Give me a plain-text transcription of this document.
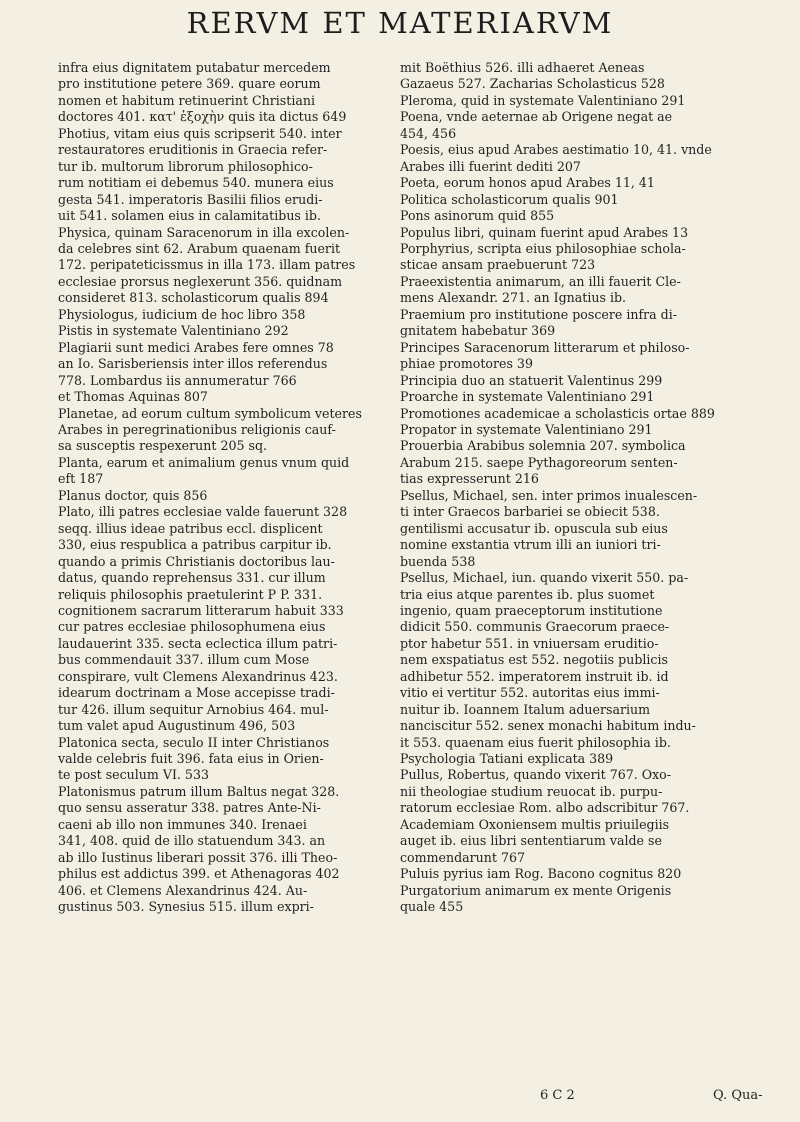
RERVM ET MATERIARVM
infra eius dignitatem putabatur mercedem
pro institutione petere 369. quare eorum
nomen et habitum retinuerint Christiani
doctores 401. κατ' ἐξοχὴν quis ita dictus 649
Photius, vitam eius quis scripserit 540. inter
restauratores eruditionis in Graecia refer-
tur ib. multorum librorum philosophico-
rum notitiam ei debemus 540. munera eius
gesta 541. imperatoris Basilii filios erudi-
uit 541. solamen eius in calamitatibus ib.
Physica, quinam Saracenorum in illa excolen-
da celebres sint 62. Arabum quaenam fuerit
172. peripateticissmus in illa 173. illam patres
ecclesiae prorsus neglexerunt 356. quidnam
consideret 813. scholasticorum qualis 894
Physiologus, iudicium de hoc libro 358
Pistis in systemate Valentiniano 292
Plagiarii sunt medici Arabes fere omnes 78
an Io. Sarisberiensis inter illos referendus
778. Lombardus iis annumeratur 766
et Thomas Aquinas 807
Planetae, ad eorum cultum symbolicum veteres
Arabes in peregrinationibus religionis cauf-
sa susceptis respexerunt 205 sq.
Planta, earum et animalium genus vnum quid
eft 187
Planus doctor, quis 856
Plato, illi patres ecclesiae valde fauerunt 328
seqq. illius ideae patribus eccl. displicent
330, eius respublica a patribus carpitur ib.
quando a primis Christianis doctoribus lau-
datus, quando reprehensus 331. cur illum
reliquis philosophis praetulerint P P. 331.
cognitionem sacrarum litterarum habuit 333
cur patres ecclesiae philosophumena eius
laudauerint 335. secta eclectica illum patri-
bus commendauit 337. illum cum Mose
conspirare, vult Clemens Alexandrinus 423.
idearum doctrinam a Mose accepisse tradi-
tur 426. illum sequitur Arnobius 464. mul-
tum valet apud Augustinum 496, 503
Platonica secta, seculo II inter Christianos
valde celebris fuit 396. fata eius in Orien-
te post seculum VI. 533
Platonismus patrum illum Baltus negat 328.
quo sensu asseratur 338. patres Ante-Ni-
caeni ab illo non immunes 340. Irenaei
341, 408. quid de illo statuendum 343. an
ab illo Iustinus liberari possit 376. illi Theo-
philus est addictus 399. et Athenagoras 402
406. et Clemens Alexandrinus 424. Au-
gustinus 503. Synesius 515. illum expri-
mit Boëthius 526. illi adhaeret Aeneas
Gazaeus 527. Zacharias Scholasticus 528
Pleroma, quid in systemate Valentiniano 291
Poena, vnde aeternae ab Origene negat ae
454, 456
Poesis, eius apud Arabes aestimatio 10, 41. vnde
Arabes illi fuerint dediti 207
Poeta, eorum honos apud Arabes 11, 41
Politica scholasticorum qualis 901
Pons asinorum quid 855
Populus libri, quinam fuerint apud Arabes 13
Porphyrius, scripta eius philosophiae schola-
sticae ansam praebuerunt 723
Praeexistentia animarum, an illi fauerit Cle-
mens Alexandr. 271. an Ignatius ib.
Praemium pro institutione poscere infra di-
gnitatem habebatur 369
Principes Saracenorum litterarum et philoso-
phiae promotores 39
Principia duo an statuerit Valentinus 299
Proarche in systemate Valentiniano 291
Promotiones academicae a scholasticis ortae 889
Propator in systemate Valentiniano 291
Prouerbia Arabibus solemnia 207. symbolica
Arabum 215. saepe Pythagoreorum senten-
tias expresserunt 216
Psellus, Michael, sen. inter primos inualescen-
ti inter Graecos barbariei se obiecit 538.
gentilismi accusatur ib. opuscula sub eius
nomine exstantia vtrum illi an iuniori tri-
buenda 538
Psellus, Michael, iun. quando vixerit 550. pa-
tria eius atque parentes ib. plus suomet
ingenio, quam praeceptorum institutione
didicit 550. communis Graecorum praece-
ptor habetur 551. in vniuersam eruditio-
nem exspatiatus est 552. negotiis publicis
adhibetur 552. imperatorem instruit ib. id
vitio ei vertitur 552. autoritas eius immi-
nuitur ib. Ioannem Italum aduersarium
nanciscitur 552. senex monachi habitum indu-
it 553. quaenam eius fuerit philosophia ib.
Psychologia Tatiani explicata 389
Pullus, Robertus, quando vixerit 767. Oxo-
nii theologiae studium reuocat ib. purpu-
ratorum ecclesiae Rom. albo adscribitur 767.
Academiam Oxoniensem multis priuilegiis
auget ib. eius libri sententiarum valde se
commendarunt 767
Puluis pyrius iam Rog. Bacono cognitus 820
Purgatorium animarum ex mente Origenis
quale 455
6 C 2	Q. Qua-
